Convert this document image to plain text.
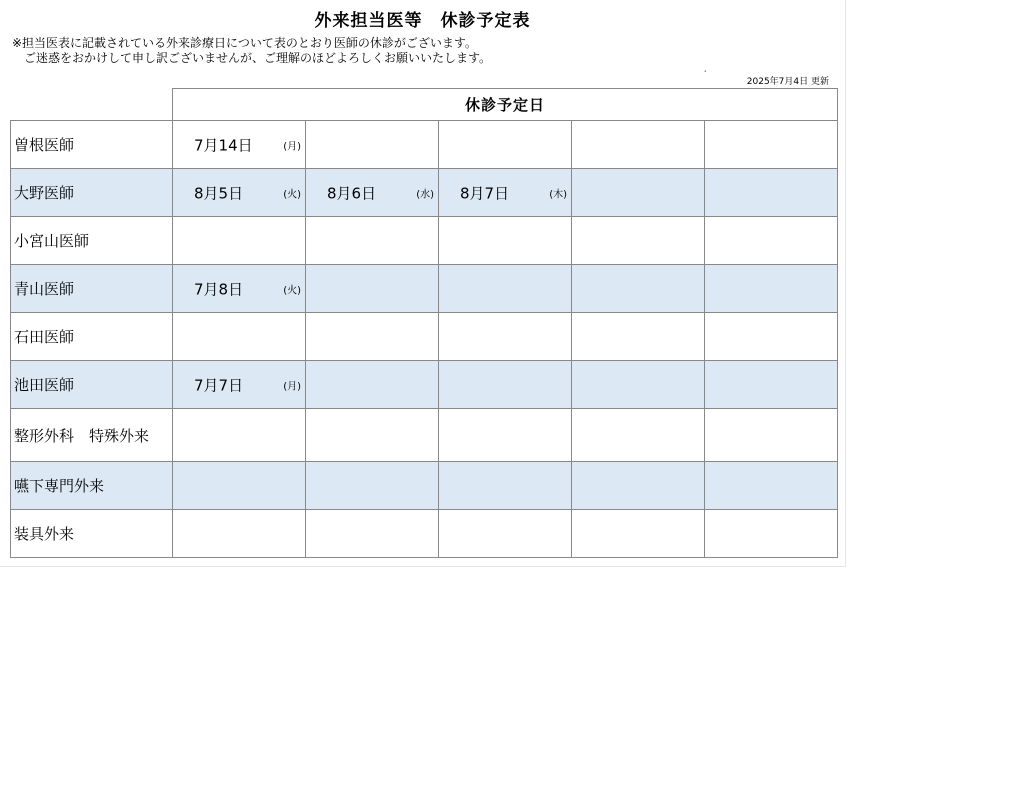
外来担当医等　休診予定表
※担当医表に記載されている外来診療日について表のとおり医師の休診がございます。
　ご迷惑をおかけして申し訳ございませんが、ご理解のほどよろしくお願いいたします。
ˏ
2025年7月4日 更新
	休診予定日				
曽根医師	7月14日 (月)				

大野医師	8月5日 (火)	8月6日 (水)	8月7日 (木)		

小宮山医師					
青山医師	7月8日 (火)				

石田医師					
池田医師	7月7日 (月)				

整形外科　特殊外来					
嚥下専門外来					
装具外来					
